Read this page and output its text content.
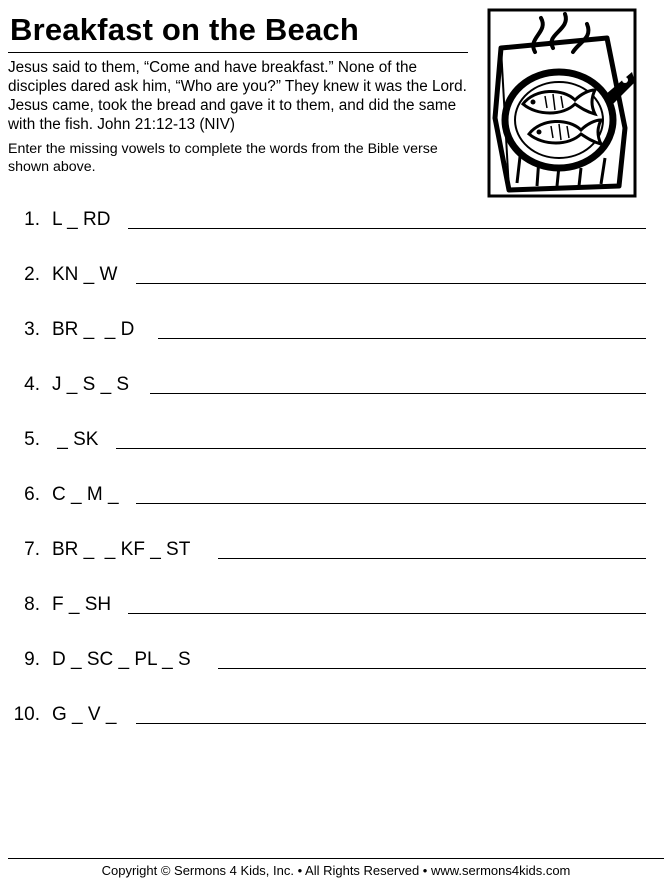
Breakfast on the Beach
Jesus said to them, “Come and have breakfast.” None of the disciples dared ask him, “Who are you?” They knew it was the Lord. Jesus came, took the bread and gave it to them, and did the same with the fish. John 21:12-13 (NIV)
Enter the missing vowels to complete the words from the Bible verse shown above.
1. L _ RD
2. KN _ W
3. BR _  _ D
4. J _ S _ S
5. _ SK
6. C _ M _
7. BR _  _ KF _ ST
8. F _ SH
9. D _ SC _ PL _ S
10. G _ V _
Copyright © Sermons 4 Kids, Inc. • All Rights Reserved • www.sermons4kids.com
